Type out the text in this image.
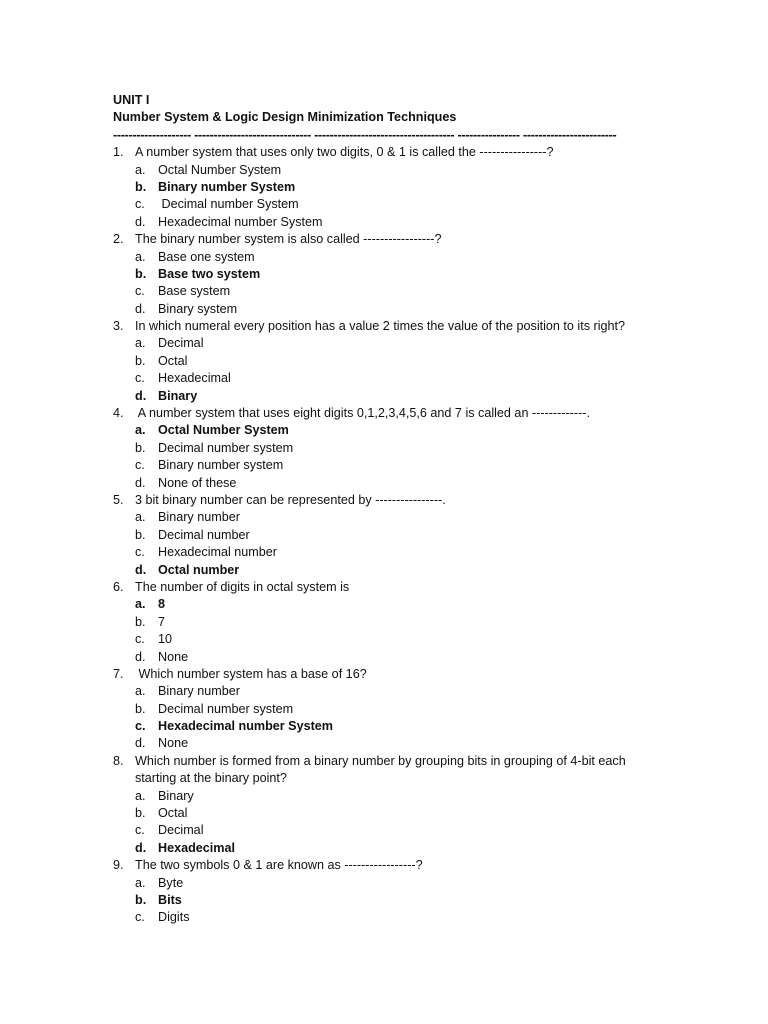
UNIT I
Number System & Logic Design Minimization Techniques
-------------------- ------------------------------ ------------------------------------ ---------------- ------------------------
1. A number system that uses only two digits, 0 & 1 is called the ----------------?
a. Octal Number System
b. Binary number System
c. Decimal number System
d. Hexadecimal number System
2. The binary number system is also called -----------------?
a. Base one system
b. Base two system
c. Base system
d. Binary system
3. In which numeral every position has a value 2 times the value of the position to its right?
a. Decimal
b. Octal
c. Hexadecimal
d. Binary
4. A number system that uses eight digits 0,1,2,3,4,5,6 and 7 is called an -------------.
a. Octal Number System
b. Decimal number system
c. Binary number system
d. None of these
5. 3 bit binary number can be represented by ----------------.
a. Binary number
b. Decimal number
c. Hexadecimal number
d. Octal number
6. The number of digits in octal system is
a. 8
b. 7
c. 10
d. None
7. Which number system has a base of 16?
a. Binary number
b. Decimal number system
c. Hexadecimal number System
d. None
8. Which number is formed from a binary number by grouping bits in grouping of 4-bit each
starting at the binary point?
a. Binary
b. Octal
c. Decimal
d. Hexadecimal
9. The two symbols 0 & 1 are known as -----------------?
a. Byte
b. Bits
c. Digits
